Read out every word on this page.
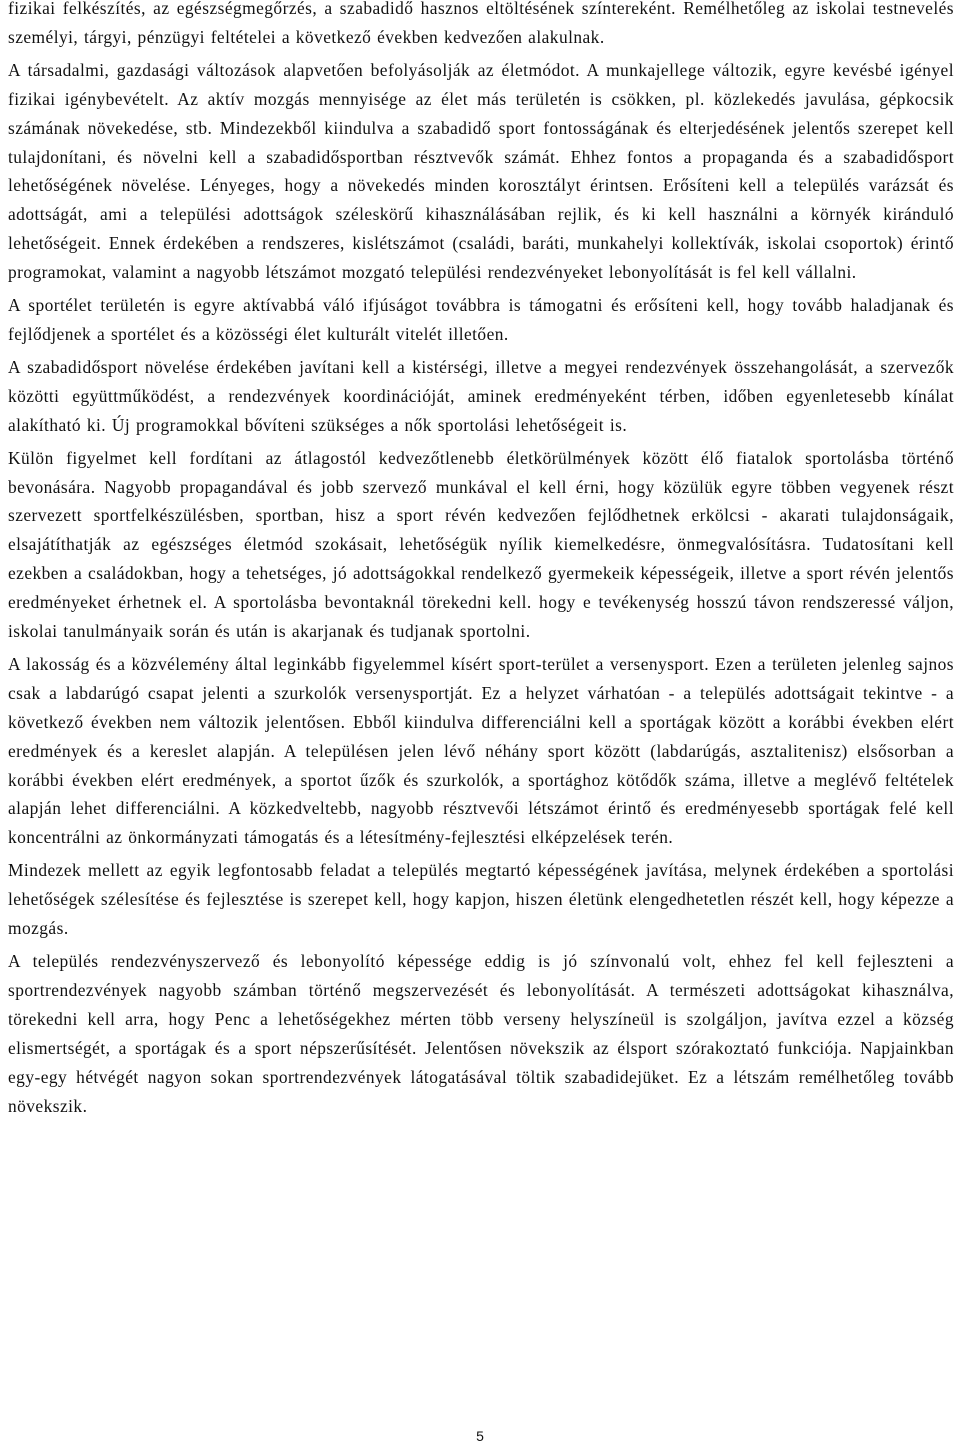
fizikai felkészítés, az egészségmegőrzés, a szabadidő hasznos eltöltésének színtereként. Remélhetőleg az iskolai testnevelés személyi, tárgyi, pénzügyi feltételei a következő években kedvezően alakulnak.

A társadalmi, gazdasági változások alapvetően befolyásolják az életmódot. A munkajellege változik, egyre kevésbé igényel fizikai igénybevételt. Az aktív mozgás mennyisége az élet más területén is csökken, pl. közlekedés javulása, gépkocsik számának növekedése, stb. Mindezekből kiindulva a szabadidő sport fontosságának és elterjedésének jelentős szerepet kell tulajdonítani, és növelni kell a szabadidősportban résztvevők számát. Ehhez fontos a propaganda és a szabadidősport lehetőségének növelése. Lényeges, hogy a növekedés minden korosztályt érintsen. Erősíteni kell a település varázsát és adottságát, ami a települési adottságok széleskörű kihasználásában rejlik, és ki kell használni a környék kiránduló lehetőségeit. Ennek érdekében a rendszeres, kislétszámot (családi, baráti, munkahelyi kollektívák, iskolai csoportok) érintő programokat, valamint a nagyobb létszámot mozgató települési rendezvényeket lebonyolítását is fel kell vállalni.

A sportélet területén is egyre aktívabbá váló ifjúságot továbbra is támogatni és erősíteni kell, hogy tovább haladjanak és fejlődjenek a sportélet és a közösségi élet kulturált vitelét illetően.

A szabadidősport növelése érdekében javítani kell a kistérségi, illetve a megyei rendezvények összehangolását, a szervezők közötti együttműködést, a rendezvények koordinációját, aminek eredményeként térben, időben egyenletesebb kínálat alakítható ki. Új programokkal bővíteni szükséges a nők sportolási lehetőségeit is.

Külön figyelmet kell fordítani az átlagostól kedvezőtlenebb életkörülmények között élő fiatalok sportolásba történő bevonására. Nagyobb propagandával és jobb szervező munkával el kell érni, hogy közülük egyre többen vegyenek részt szervezett sportfelkészülésben, sportban, hisz a sport révén kedvezően fejlődhetnek erkölcsi - akarati tulajdonságaik, elsajátíthatják az egészséges életmód szokásait, lehetőségük nyílik kiemelkedésre, önmegvalósításra. Tudatosítani kell ezekben a családokban, hogy a tehetséges, jó adottságokkal rendelkező gyermekeik képességeik, illetve a sport révén jelentős eredményeket érhetnek el. A sportolásba bevontaknál törekedni kell. hogy e tevékenység hosszú távon rendszeressé váljon, iskolai tanulmányaik során és után is akarjanak és tudjanak sportolni.

A lakosság és a közvélemény által leginkább figyelemmel kísért sport-terület a versenysport. Ezen a területen jelenleg sajnos csak a labdarúgó csapat jelenti a szurkolók versenysportját. Ez a helyzet várhatóan - a település adottságait tekintve - a következő években nem változik jelentősen. Ebből kiindulva differenciálni kell a sportágak között a korábbi években elért eredmények és a kereslet alapján. A településen jelen lévő néhány sport között (labdarúgás, asztalitenisz) elsősorban a korábbi években elért eredmények, a sportot űzők és szurkolók, a sportághoz kötődők száma, illetve a meglévő feltételek alapján lehet differenciálni. A közkedveltebb, nagyobb résztvevői létszámot érintő és eredményesebb sportágak felé kell koncentrálni az önkormányzati támogatás és a létesítmény-fejlesztési elképzelések terén.

Mindezek mellett az egyik legfontosabb feladat a település megtartó képességének javítása, melynek érdekében a sportolási lehetőségek szélesítése és fejlesztése is szerepet kell, hogy kapjon, hiszen életünk elengedhetetlen részét kell, hogy képezze a mozgás.

A település rendezvényszervező és lebonyolító képessége eddig is jó színvonalú volt, ehhez fel kell fejleszteni a sportrendezvények nagyobb számban történő megszervezését és lebonyolítását. A természeti adottságokat kihasználva, törekedni kell arra, hogy Penc a lehetőségekhez mérten több verseny helyszíneül is szolgáljon, javítva ezzel a község elismertségét, a sportágak és a sport népszerűsítését. Jelentősen növekszik az élsport szórakoztató funkciója. Napjainkban egy-egy hétvégét nagyon sokan sportrendezvények látogatásával töltik szabadidejüket. Ez a létszám remélhetőleg tovább növekszik.

5
